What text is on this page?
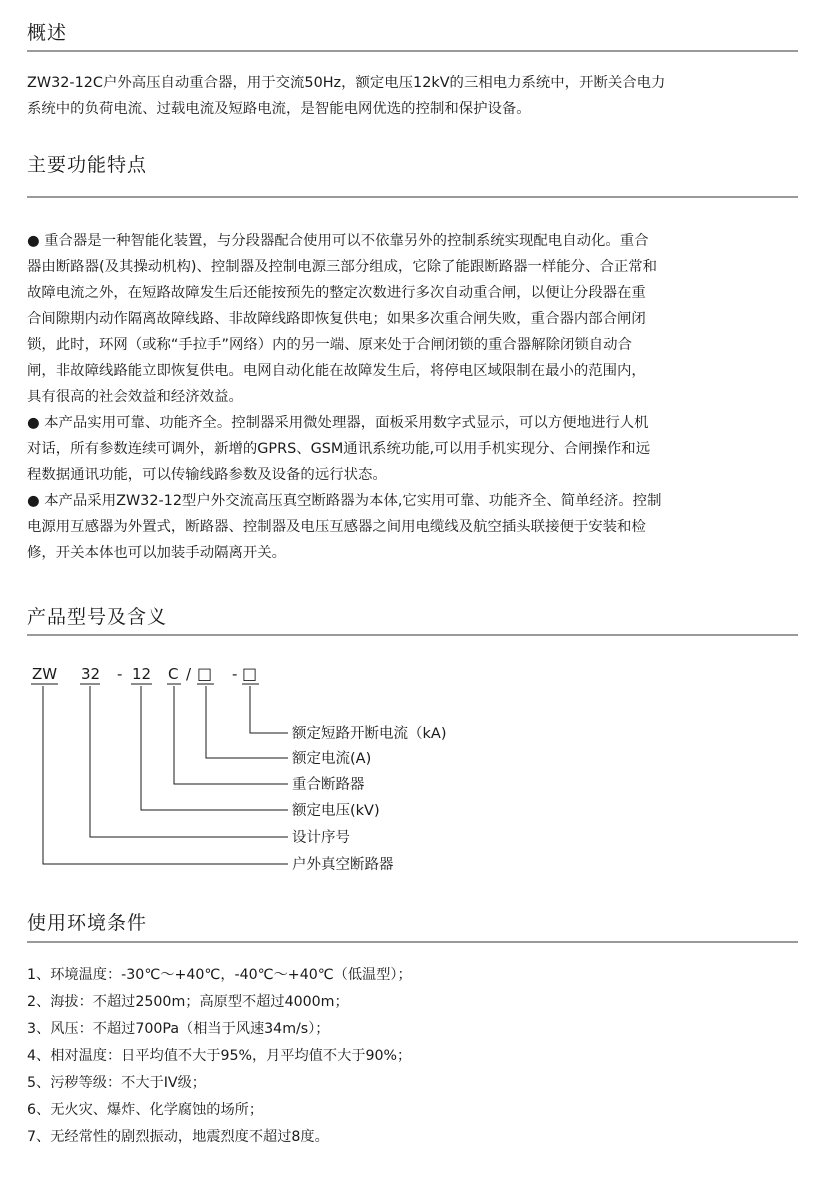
概述

ZW32-12C户外高压自动重合器，用于交流50Hz，额定电压12kV的三相电力系统中，开断关合电力
系统中的负荷电流、过载电流及短路电流，是智能电网优选的控制和保护设备。

主要功能特点

● 重合器是一种智能化装置，与分段器配合使用可以不依靠另外的控制系统实现配电自动化。重合
器由断路器(及其操动机构)、控制器及控制电源三部分组成，它除了能跟断路器一样能分、合正常和
故障电流之外，在短路故障发生后还能按预先的整定次数进行多次自动重合闸，以便让分段器在重
合间隙期内动作隔离故障线路、非故障线路即恢复供电；如果多次重合闸失败，重合器内部合闸闭
锁，此时，环网（或称“手拉手”网络）内的另一端、原来处于合闸闭锁的重合器解除闭锁自动合
闸，非故障线路能立即恢复供电。电网自动化能在故障发生后，将停电区域限制在最小的范围内，
具有很高的社会效益和经济效益。
● 本产品实用可靠、功能齐全。控制器采用微处理器，面板采用数字式显示，可以方便地进行人机
对话，所有参数连续可调外，新增的GPRS、GSM通讯系统功能,可以用手机实现分、合闸操作和远
程数据通讯功能，可以传输线路参数及设备的远行状态。
● 本产品采用ZW32-12型户外交流高压真空断路器为本体,它实用可靠、功能齐全、简单经济。控制
电源用互感器为外置式，断路器、控制器及电压互感器之间用电缆线及航空插头联接便于安装和检
修，开关本体也可以加装手动隔离开关。

产品型号及含义
ZW 32 - 12 C / □ - □
额定短路开断电流（kA)
额定电流(A)
重合断路器
额定电压(kV)
设计序号
户外真空断路器
使用环境条件
1、环境温度：-30℃～+40℃，-40℃～+40℃（低温型）；
2、海拔：不超过2500m；高原型不超过4000m；
3、风压：不超过700Pa（相当于风速34m/s）；
4、相对温度：日平均值不大于95%，月平均值不大于90%；
5、污秽等级：不大于IV级；
6、无火灾、爆炸、化学腐蚀的场所；
7、无经常性的剧烈振动，地震烈度不超过8度。
